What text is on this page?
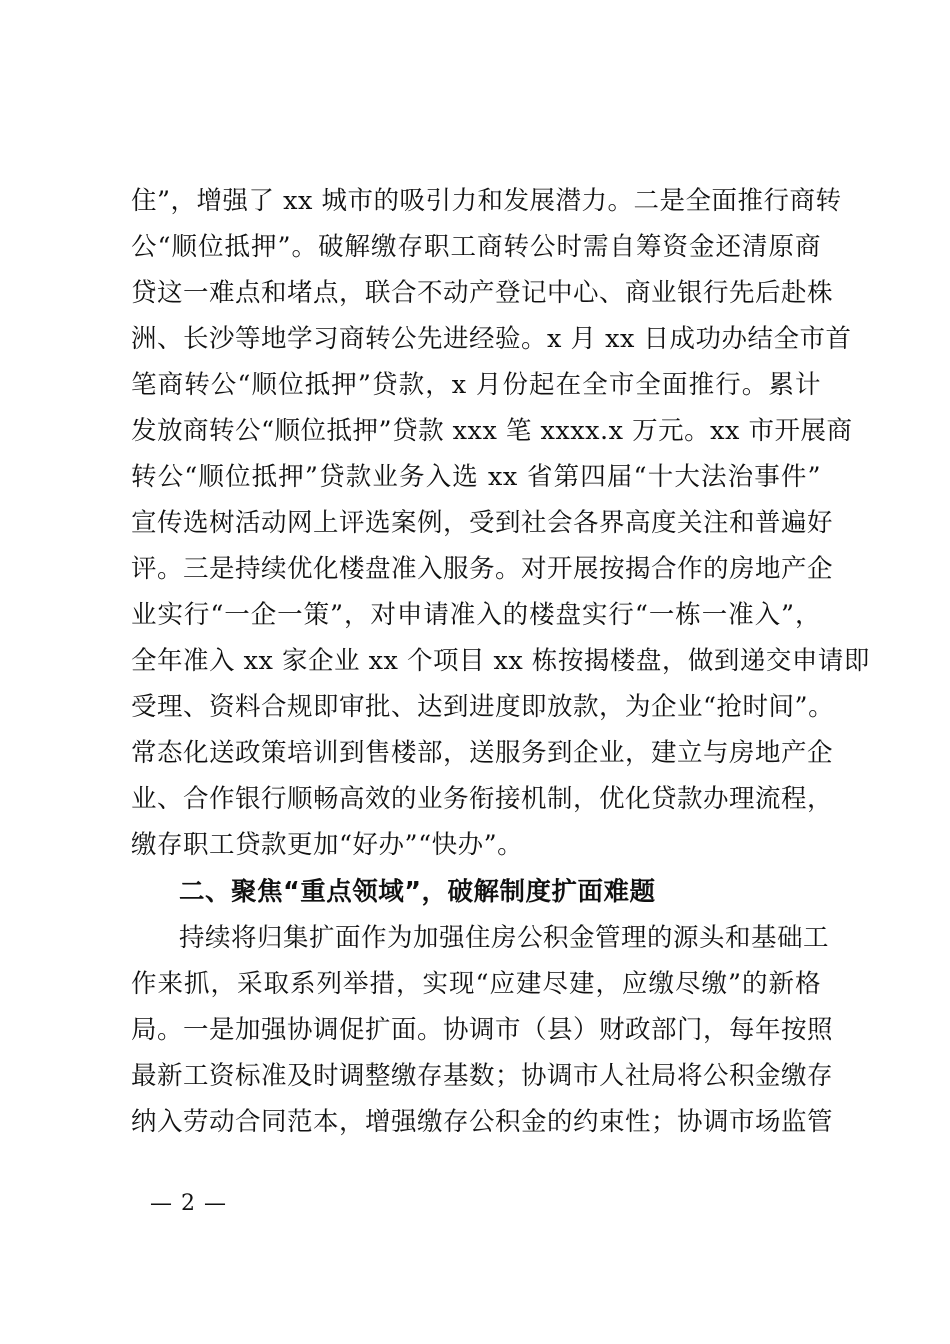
住”，增强了 xx 城市的吸引力和发展潜力。二是全面推行商转
公“顺位抵押”。破解缴存职工商转公时需自筹资金还清原商
贷这一难点和堵点，联合不动产登记中心、商业银行先后赴株
洲、长沙等地学习商转公先进经验。x 月 xx 日成功办结全市首
笔商转公“顺位抵押”贷款，x 月份起在全市全面推行。累计
发放商转公“顺位抵押”贷款 xxx 笔 xxxx.x 万元。xx 市开展商
转公“顺位抵押”贷款业务入选 xx 省第四届“十大法治事件”
宣传选树活动网上评选案例，受到社会各界高度关注和普遍好
评。三是持续优化楼盘准入服务。对开展按揭合作的房地产企
业实行“一企一策”，对申请准入的楼盘实行“一栋一准入”，
全年准入 xx 家企业 xx 个项目 xx 栋按揭楼盘，做到递交申请即
受理、资料合规即审批、达到进度即放款，为企业“抢时间”。
常态化送政策培训到售楼部，送服务到企业，建立与房地产企
业、合作银行顺畅高效的业务衔接机制，优化贷款办理流程，
缴存职工贷款更加“好办”“快办”。
二、聚焦“重点领域”，破解制度扩面难题
持续将归集扩面作为加强住房公积金管理的源头和基础工
作来抓，采取系列举措，实现“应建尽建，应缴尽缴”的新格
局。一是加强协调促扩面。协调市（县）财政部门，每年按照
最新工资标准及时调整缴存基数；协调市人社局将公积金缴存
纳入劳动合同范本，增强缴存公积金的约束性；协调市场监管
— 2 —
